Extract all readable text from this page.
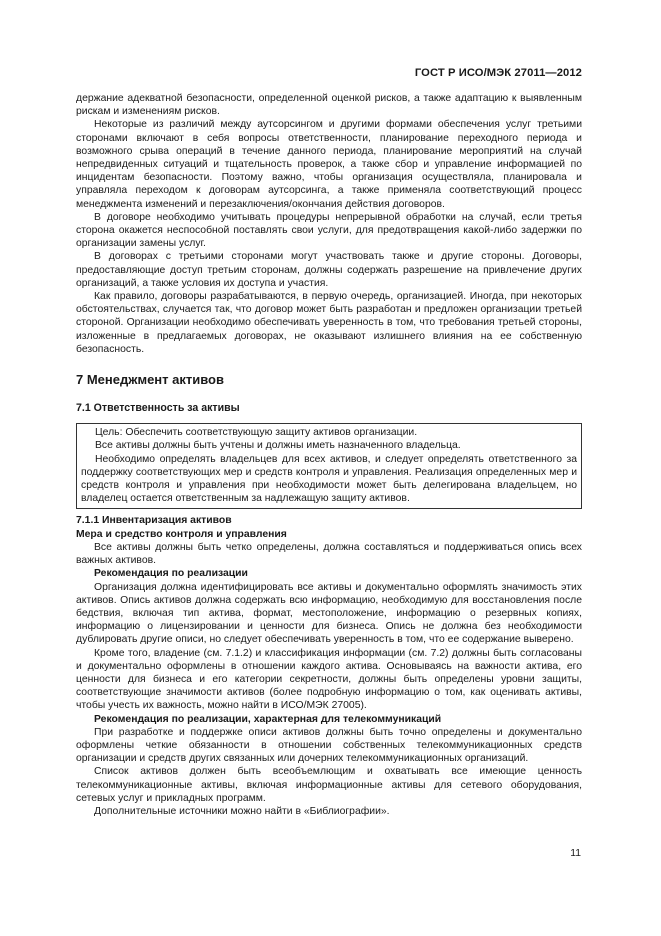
ГОСТ Р ИСО/МЭК 27011—2012

держание адекватной безопасности, определенной оценкой рисков, а также адаптацию к выявленным рискам и изменениям рисков.

Некоторые из различий между аутсорсингом и другими формами обеспечения услуг третьими сторонами включают в себя вопросы ответственности, планирование переходного периода и возможного срыва операций в течение данного периода, планирование мероприятий на случай непредвиденных ситуаций и тщательность проверок, а также сбор и управление информацией по инцидентам безопасности. Поэтому важно, чтобы организация осуществляла, планировала и управляла переходом к договорам аутсорсинга, а также применяла соответствующий процесс менеджмента изменений и перезаключения/окончания действия договоров.

В договоре необходимо учитывать процедуры непрерывной обработки на случай, если третья сторона окажется неспособной поставлять свои услуги, для предотвращения какой-либо задержки по организации замены услуг.

В договорах с третьими сторонами могут участвовать также и другие стороны. Договоры, предоставляющие доступ третьим сторонам, должны содержать разрешение на привлечение других организаций, а также условия их доступа и участия.

Как правило, договоры разрабатываются, в первую очередь, организацией. Иногда, при некоторых обстоятельствах, случается так, что договор может быть разработан и предложен организации третьей стороной. Организации необходимо обеспечивать уверенность в том, что требования третьей стороны, изложенные в предлагаемых договорах, не оказывают излишнего влияния на ее собственную безопасность.

7 Менеджмент активов
7.1 Ответственность за активы

Цель: Обеспечить соответствующую защиту активов организации.

Все активы должны быть учтены и должны иметь назначенного владельца.

Необходимо определять владельцев для всех активов, и следует определять ответственного за поддержку соответствующих мер и средств контроля и управления. Реализация определенных мер и средств контроля и управления при необходимости может быть делегирована владельцем, но владелец остается ответственным за надлежащую защиту активов.

7.1.1 Инвентаризация активов

Мера и средство контроля и управления

Все активы должны быть четко определены, должна составляться и поддерживаться опись всех важных активов.

Рекомендация по реализации

Организация должна идентифицировать все активы и документально оформлять значимость этих активов. Опись активов должна содержать всю информацию, необходимую для восстановления после бедствия, включая тип актива, формат, местоположение, информацию о резервных копиях, информацию о лицензировании и ценности для бизнеса. Опись не должна без необходимости дублировать другие описи, но следует обеспечивать уверенность в том, что ее содержание выверено.

Кроме того, владение (см. 7.1.2) и классификация информации (см. 7.2) должны быть согласованы и документально оформлены в отношении каждого актива. Основываясь на важности актива, его ценности для бизнеса и его категории секретности, должны быть определены уровни защиты, соответствующие значимости активов (более подробную информацию о том, как оценивать активы, чтобы учесть их важность, можно найти в ИСО/МЭК 27005).

Рекомендация по реализации, характерная для телекоммуникаций

При разработке и поддержке описи активов должны быть точно определены и документально оформлены четкие обязанности в отношении собственных телекоммуникационных средств организации и средств других связанных или дочерних телекоммуникационных организаций.

Список активов должен быть всеобъемлющим и охватывать все имеющие ценность телекоммуникационные активы, включая информационные активы для сетевого оборудования, сетевых услуг и прикладных программ.

Дополнительные источники можно найти в «Библиографии».

11
